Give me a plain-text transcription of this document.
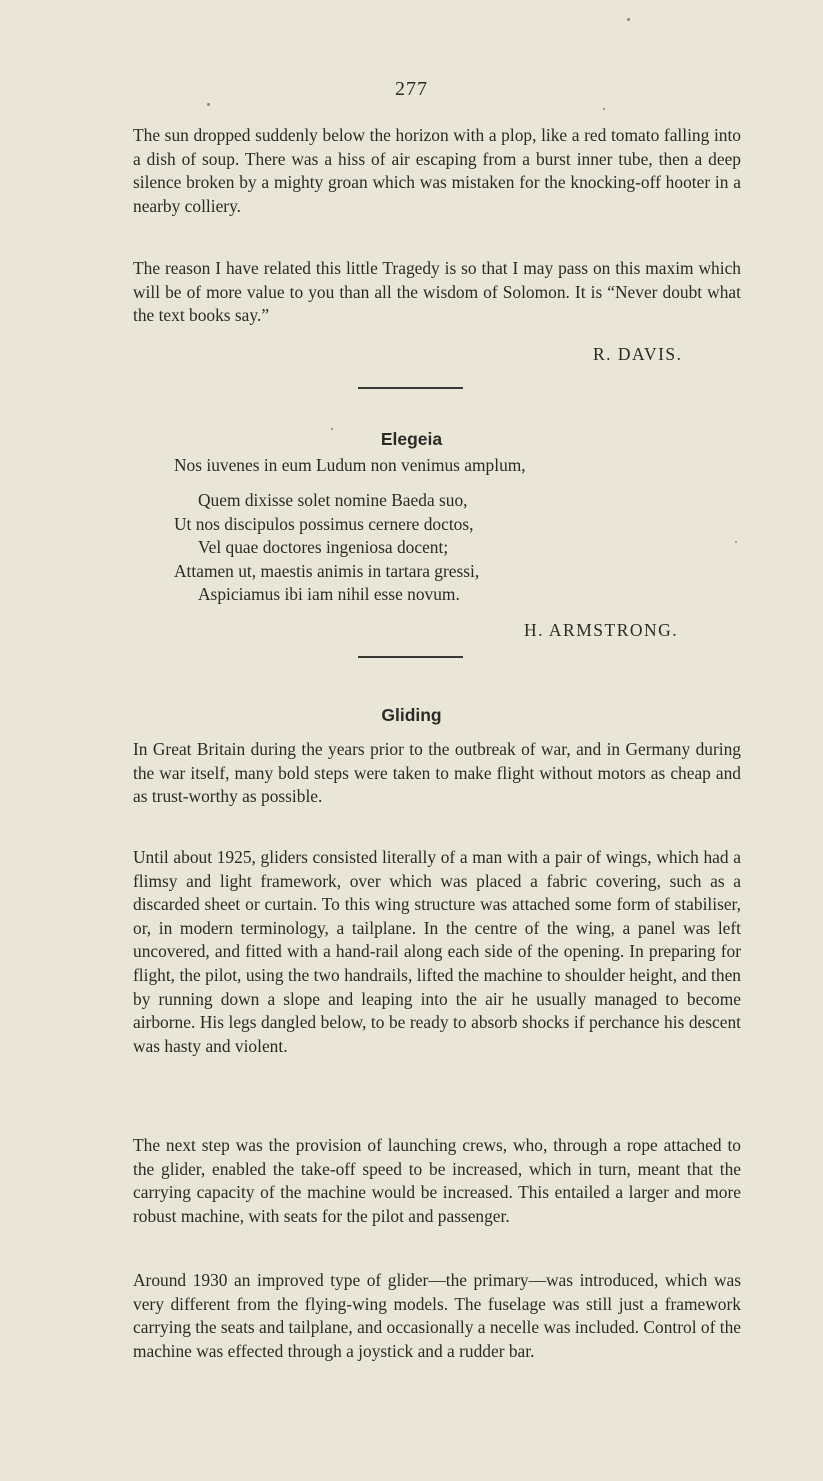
277

The sun dropped suddenly below the horizon with a plop, like a red tomato falling into a dish of soup. There was a hiss of air escaping from a burst inner tube, then a deep silence broken by a mighty groan which was mistaken for the knocking-off hooter in a nearby colliery.

The reason I have related this little Tragedy is so that I may pass on this maxim which will be of more value to you than all the wisdom of Solomon. It is “Never doubt what the text books say.”

R. DAVIS.
Elegeia
Nos iuvenes in eum Ludum non venimus amplum,
Quem dixisse solet nomine Baeda suo,
Ut nos discipulos possimus cernere doctos,
Vel quae doctores ingeniosa docent;
Attamen ut, maestis animis in tartara gressi,
Aspiciamus ibi iam nihil esse novum.
H. ARMSTRONG.
Gliding

In Great Britain during the years prior to the outbreak of war, and in Germany during the war itself, many bold steps were taken to make flight without motors as cheap and as trust-worthy as possible.

Until about 1925, gliders consisted literally of a man with a pair of wings, which had a flimsy and light framework, over which was placed a fabric covering, such as a discarded sheet or curtain. To this wing structure was attached some form of stabiliser, or, in modern terminology, a tailplane. In the centre of the wing, a panel was left uncovered, and fitted with a hand-rail along each side of the opening. In preparing for flight, the pilot, using the two handrails, lifted the machine to shoulder height, and then by running down a slope and leaping into the air he usually managed to become airborne. His legs dangled below, to be ready to absorb shocks if perchance his descent was hasty and violent.

The next step was the provision of launching crews, who, through a rope attached to the glider, enabled the take-off speed to be increased, which in turn, meant that the carrying capacity of the machine would be increased. This entailed a larger and more robust machine, with seats for the pilot and passenger.

Around 1930 an improved type of glider—the primary—was introduced, which was very different from the flying-wing models. The fuselage was still just a framework carrying the seats and tailplane, and occasionally a necelle was included. Control of the machine was effected through a joystick and a rudder bar.
